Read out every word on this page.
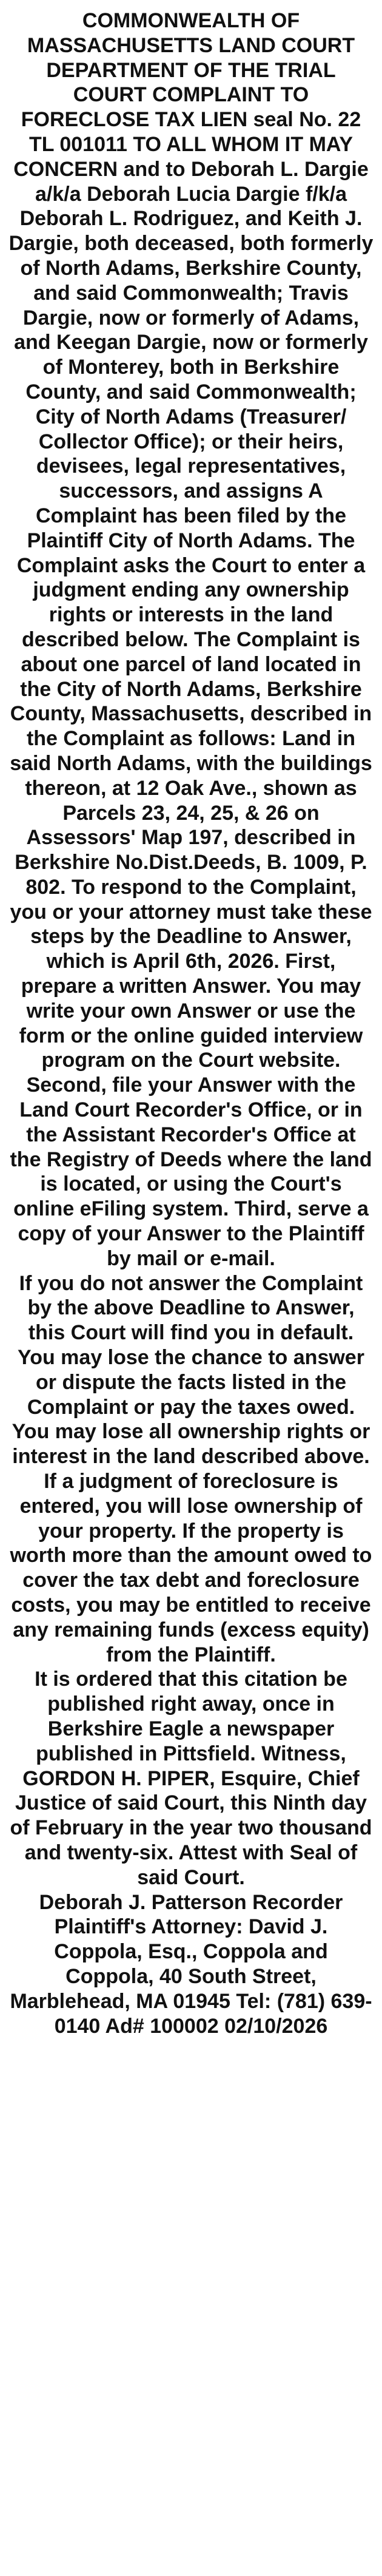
COMMONWEALTH OF MASSACHUSETTS LAND COURT DEPARTMENT OF THE TRIAL COURT COMPLAINT TO FORECLOSE TAX LIEN seal No. 22 TL 001011 TO ALL WHOM IT MAY CONCERN and to Deborah L. Dargie a/k/a Deborah Lucia Dargie f/k/a Deborah L. Rodriguez, and Keith J. Dargie, both deceased, both formerly of North Adams, Berkshire County, and said Commonwealth; Travis Dargie, now or formerly of Adams, and Keegan Dargie, now or formerly of Monterey, both in Berkshire County, and said Commonwealth; City of North Adams (Treasurer/ Collector Office); or their heirs, devisees, legal representatives, successors, and assigns A Complaint has been filed by the Plaintiff City of North Adams. The Complaint asks the Court to enter a judgment ending any ownership rights or interests in the land described below. The Complaint is about one parcel of land located in the City of North Adams, Berkshire County, Massachusetts, described in the Complaint as follows: Land in said North Adams, with the buildings thereon, at 12 Oak Ave., shown as Parcels 23, 24, 25, & 26 on Assessors' Map 197, described in Berkshire No.Dist.Deeds, B. 1009, P. 802. To respond to the Complaint, you or your attorney must take these steps by the Deadline to Answer, which is April 6th, 2026. First, prepare a written Answer. You may write your own Answer or use the form or the online guided interview program on the Court website. Second, file your Answer with the Land Court Recorder's Office, or in the Assistant Recorder's Office at the Registry of Deeds where the land is located, or using the Court's online eFiling system. Third, serve a copy of your Answer to the Plaintiff by mail or e-mail.
If you do not answer the Complaint by the above Deadline to Answer, this Court will find you in default. You may lose the chance to answer or dispute the facts listed in the Complaint or pay the taxes owed. You may lose all ownership rights or interest in the land described above. If a judgment of foreclosure is entered, you will lose ownership of your property. If the property is worth more than the amount owed to cover the tax debt and foreclosure costs, you may be entitled to receive any remaining funds (excess equity) from the Plaintiff.
It is ordered that this citation be published right away, once in Berkshire Eagle a newspaper published in Pittsfield. Witness, GORDON H. PIPER, Esquire, Chief Justice of said Court, this Ninth day of February in the year two thousand and twenty-six. Attest with Seal of said Court.
Deborah J. Patterson Recorder Plaintiff's Attorney: David J. Coppola, Esq., Coppola and Coppola, 40 South Street, Marblehead, MA 01945 Tel: (781) 639-0140 Ad# 100002 02/10/2026
